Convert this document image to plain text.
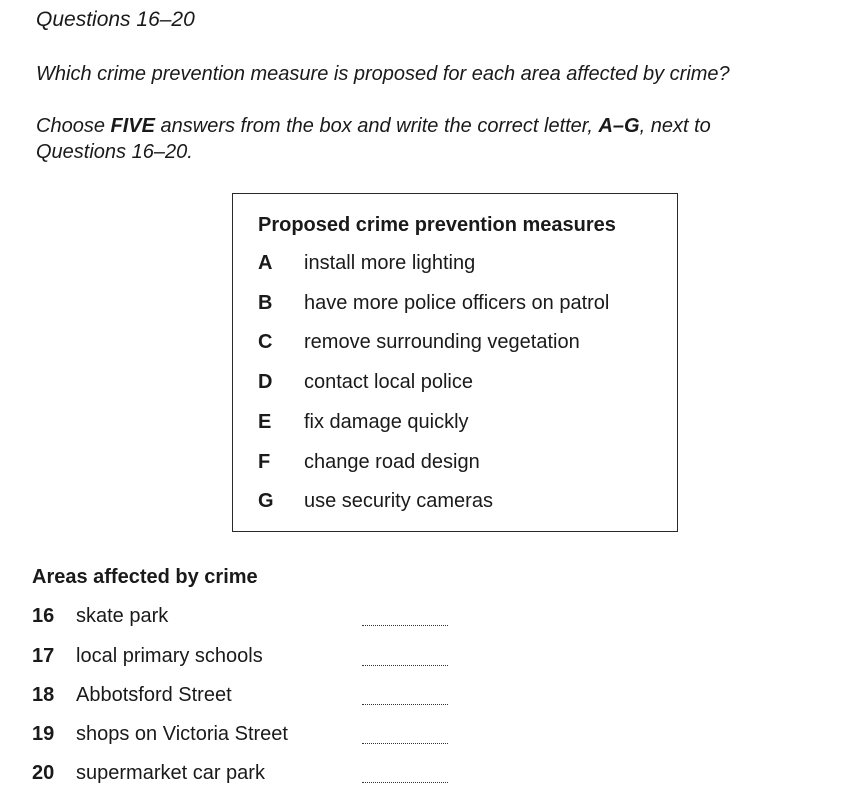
Questions 16–20
Which crime prevention measure is proposed for each area affected by crime?
Choose FIVE answers from the box and write the correct letter, A–G, next to Questions 16–20.
Proposed crime prevention measures
A	install more lighting
B	have more police officers on patrol
C	remove surrounding vegetation
D	contact local police
E	fix damage quickly
F	change road design
G	use security cameras
Areas affected by crime
16 skate park
17 local primary schools
18 Abbotsford Street
19 shops on Victoria Street
20 supermarket car park
